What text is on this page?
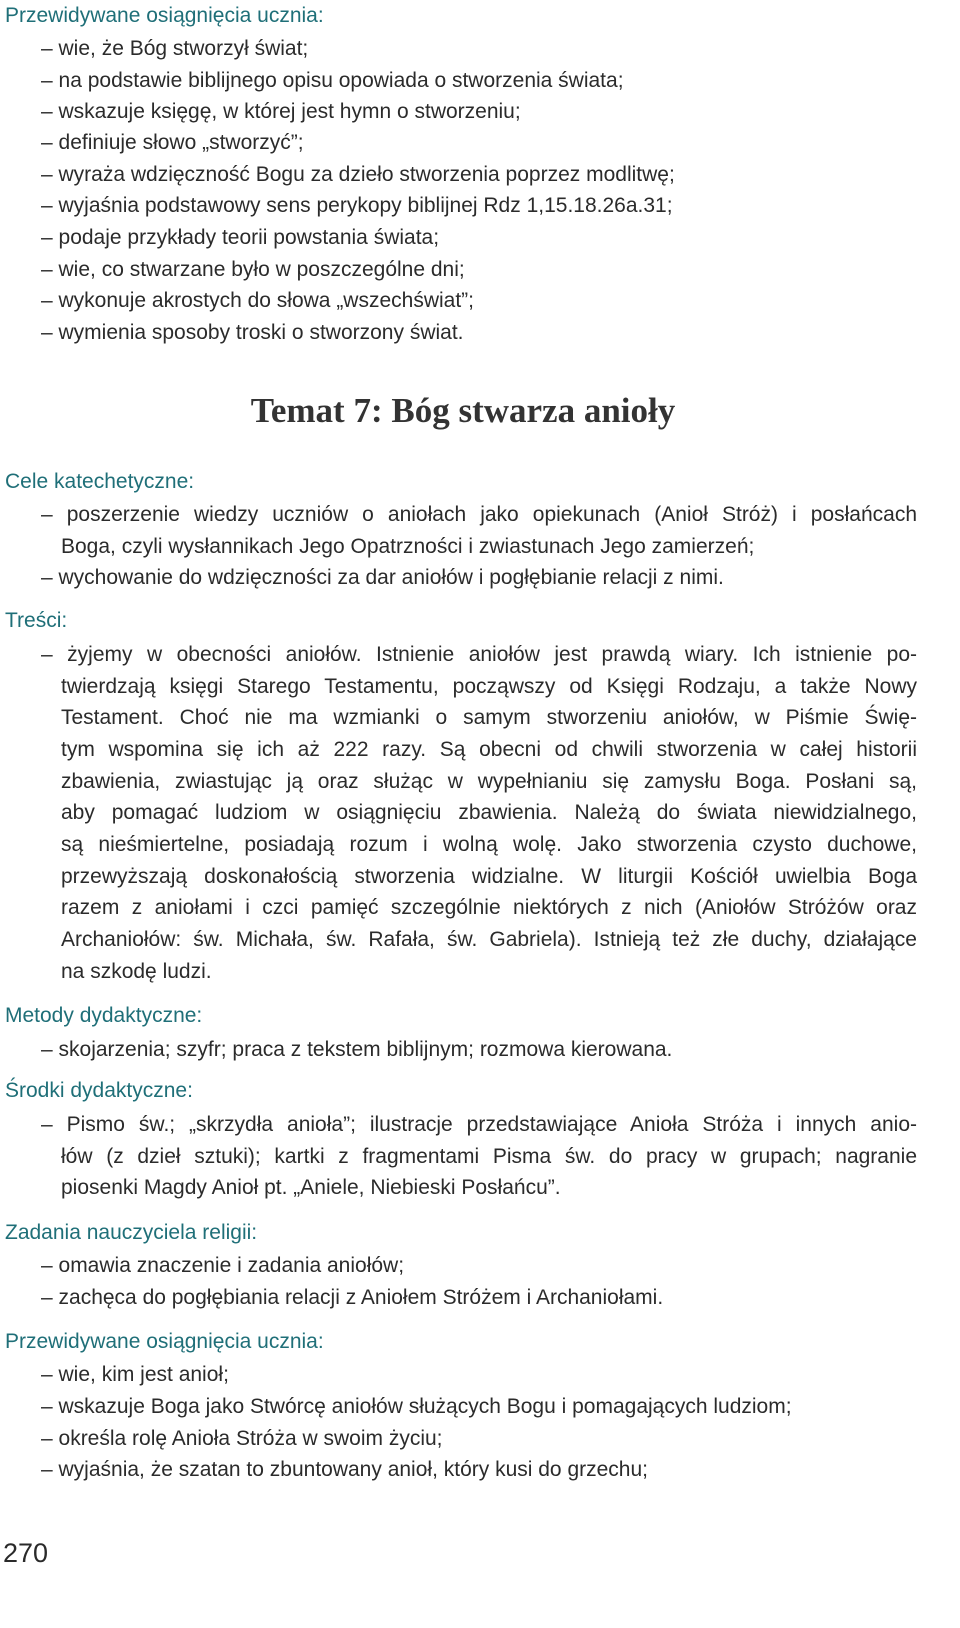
Przewidywane osiągnięcia ucznia:
– wie, że Bóg stworzył świat;
– na podstawie biblijnego opisu opowiada o stworzenia świata;
– wskazuje księgę, w której jest hymn o stworzeniu;
– definiuje słowo „stworzyć”;
– wyraża wdzięczność Bogu za dzieło stworzenia poprzez modlitwę;
– wyjaśnia podstawowy sens perykopy biblijnej Rdz 1,15.18.26a.31;
– podaje przykłady teorii powstania świata;
– wie, co stwarzane było w poszczególne dni;
– wykonuje akrostych do słowa „wszechświat”;
– wymienia sposoby troski o stworzony świat.
Temat 7: Bóg stwarza anioły
Cele katechetyczne:
– poszerzenie wiedzy uczniów o aniołach jako opiekunach (Anioł Stróż) i posłańcach
Boga, czyli wysłannikach Jego Opatrzności i zwiastunach Jego zamierzeń;
– wychowanie do wdzięczności za dar aniołów i pogłębianie relacji z nimi.
Treści:
– żyjemy w obecności aniołów. Istnienie aniołów jest prawdą wiary. Ich istnienie po-
twierdzają księgi Starego Testamentu, począwszy od Księgi Rodzaju, a także Nowy
Testament. Choć nie ma wzmianki o samym stworzeniu aniołów, w Piśmie Świę-
tym wspomina się ich aż 222 razy. Są obecni od chwili stworzenia w całej historii
zbawienia, zwiastując ją oraz służąc w wypełnianiu się zamysłu Boga. Posłani są,
aby pomagać ludziom w osiągnięciu zbawienia. Należą do świata niewidzialnego,
są nieśmiertelne, posiadają rozum i wolną wolę. Jako stworzenia czysto duchowe,
przewyższają doskonałością stworzenia widzialne. W liturgii Kościół uwielbia Boga
razem z aniołami i czci pamięć szczególnie niektórych z nich (Aniołów Stróżów oraz
Archaniołów: św. Michała, św. Rafała, św. Gabriela). Istnieją też złe duchy, działające
na szkodę ludzi.
Metody dydaktyczne:
– skojarzenia; szyfr; praca z tekstem biblijnym; rozmowa kierowana.
Środki dydaktyczne:
– Pismo św.; „skrzydła anioła”; ilustracje przedstawiające Anioła Stróża i innych anio-
łów (z dzieł sztuki); kartki z fragmentami Pisma św. do pracy w grupach; nagranie
piosenki Magdy Anioł pt. „Aniele, Niebieski Posłańcu”.
Zadania nauczyciela religii:
– omawia znaczenie i zadania aniołów;
– zachęca do pogłębiania relacji z Aniołem Stróżem i Archaniołami.
Przewidywane osiągnięcia ucznia:
– wie, kim jest anioł;
– wskazuje Boga jako Stwórcę aniołów służących Bogu i pomagających ludziom;
– określa rolę Anioła Stróża w swoim życiu;
– wyjaśnia, że szatan to zbuntowany anioł, który kusi do grzechu;
270
